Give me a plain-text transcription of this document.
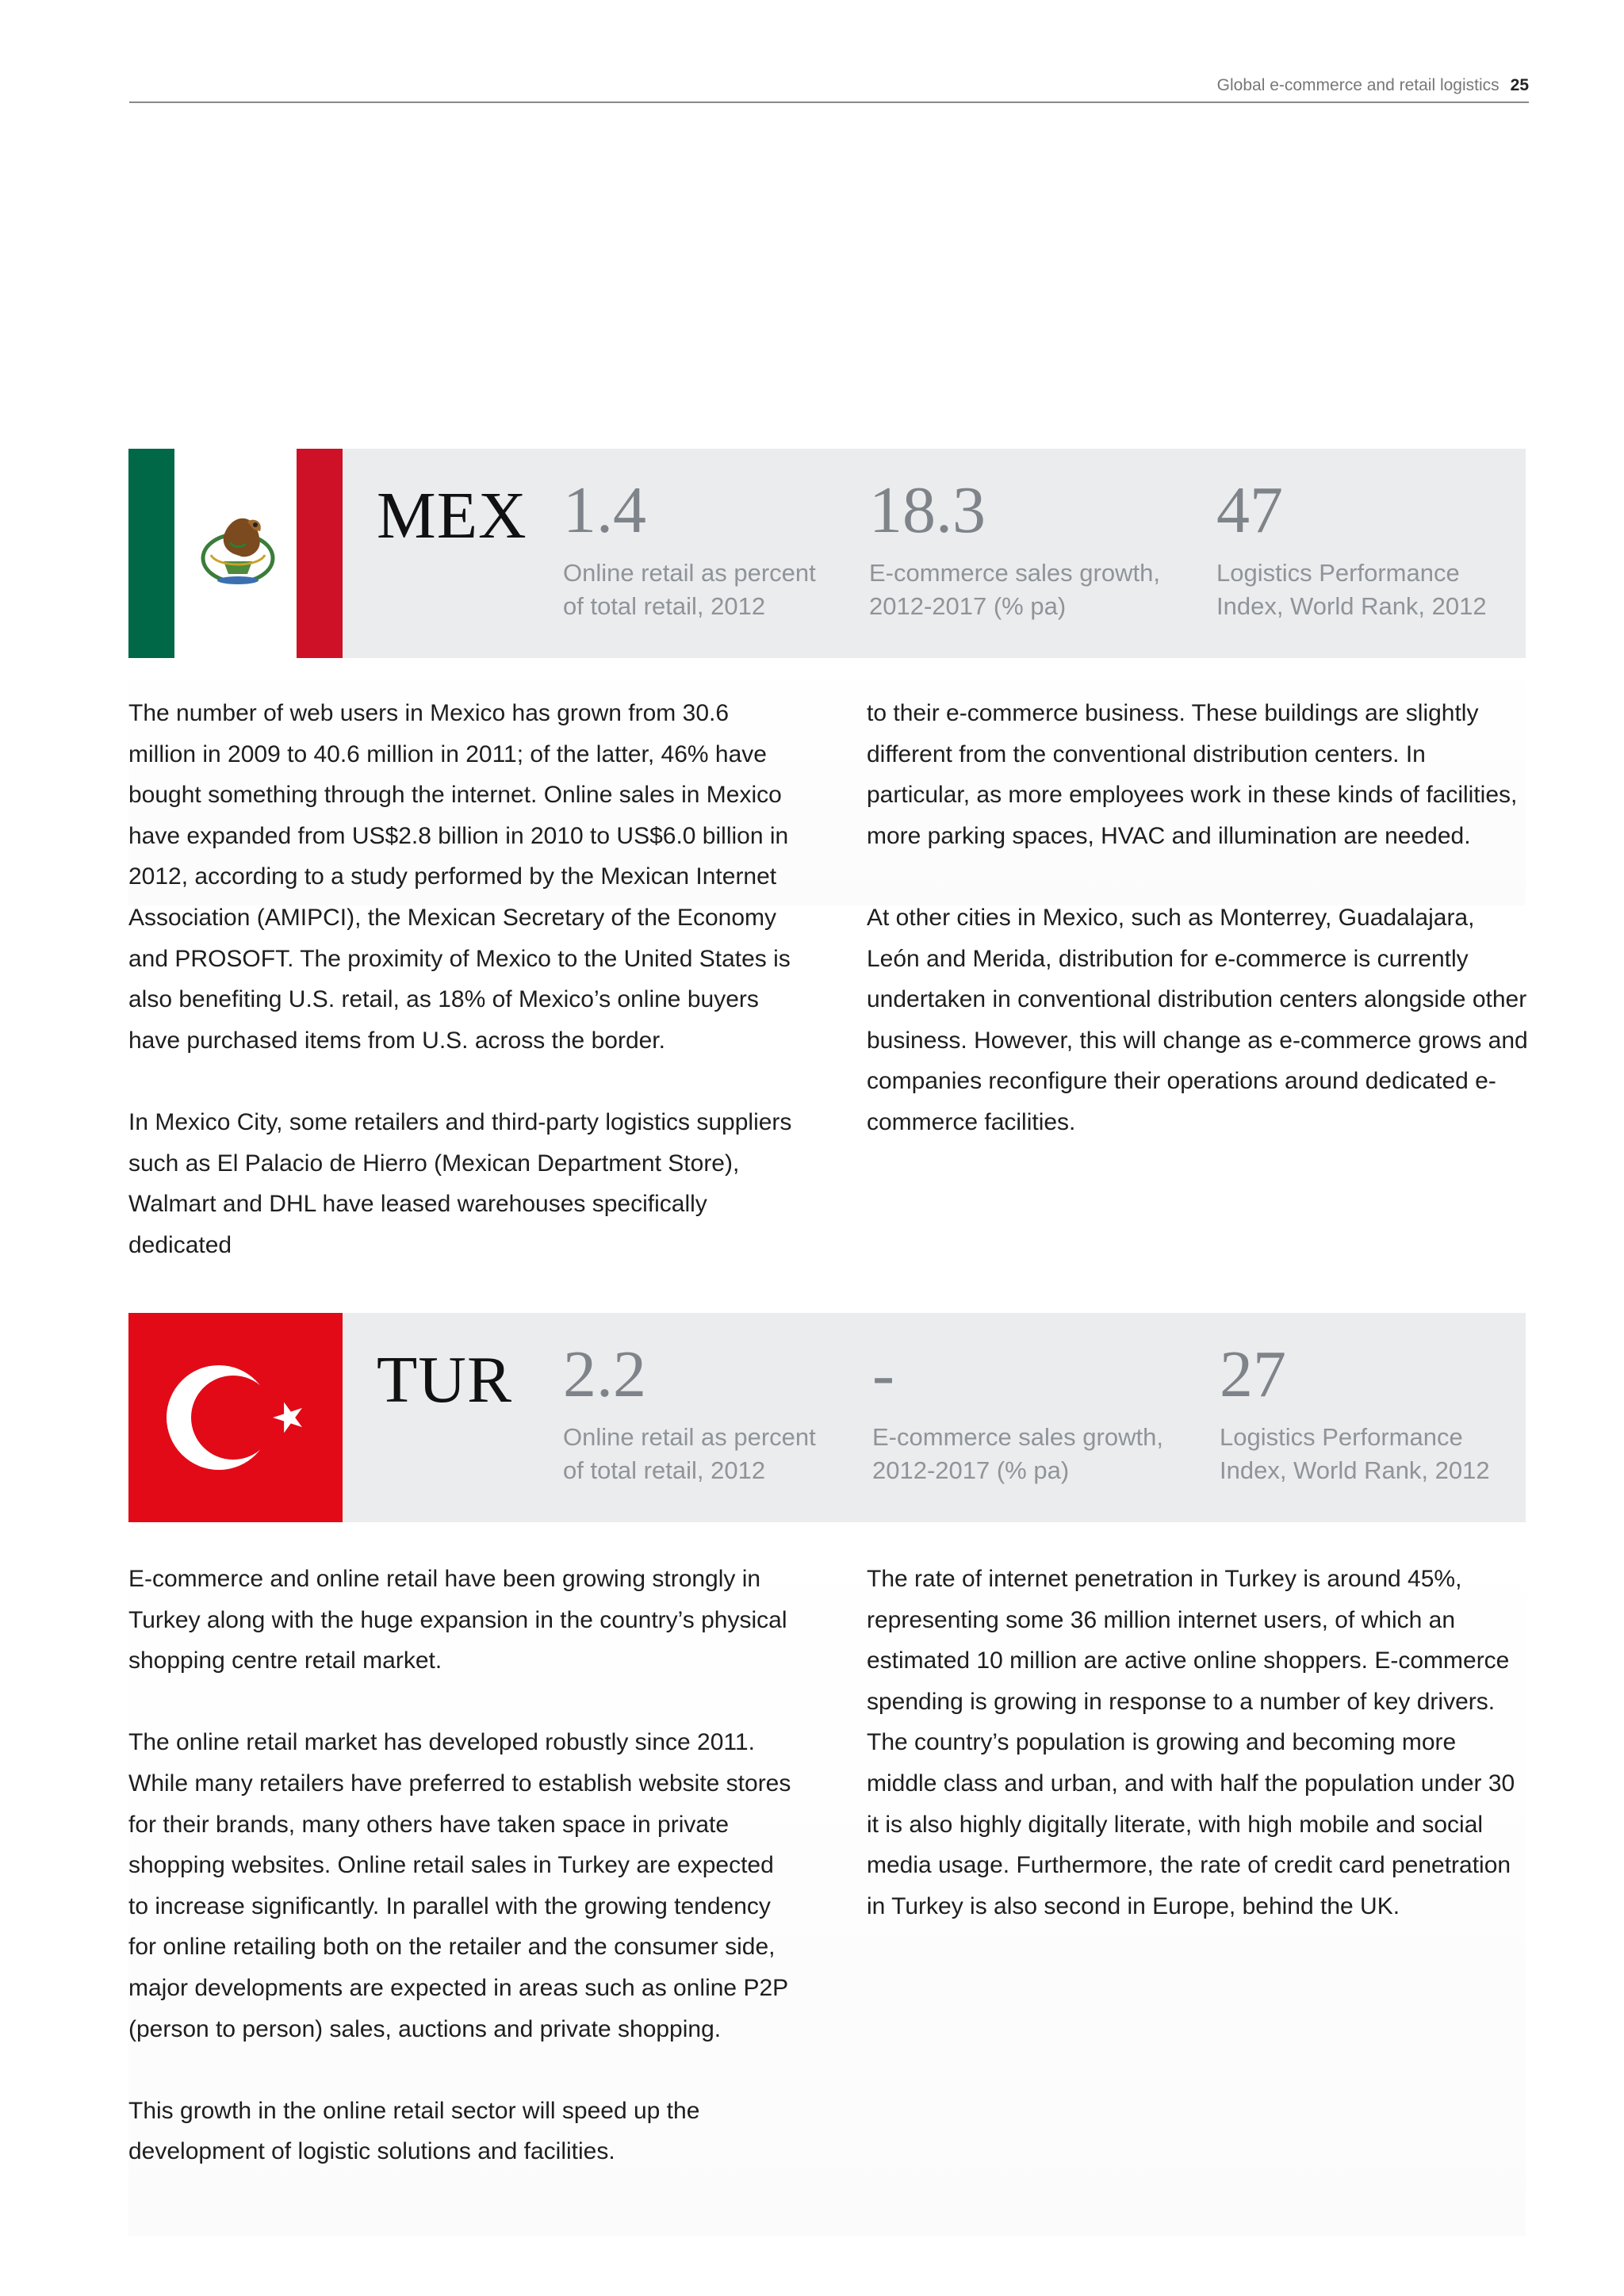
Global e-commerce and retail logistics 25
MEX 1.4
Online retail as percent
of total retail, 2012
18.3
E-commerce sales growth,
2012-2017 (% pa)
47
Logistics Performance
Index, World Rank, 2012

The number of web users in Mexico has grown from 30.6 million in 2009 to 40.6 million in 2011; of the latter, 46% have bought something through the internet. Online sales in Mexico have expanded from US$2.8 billion in 2010 to US$6.0 billion in 2012, according to a study performed by the Mexican Internet Association (AMIPCI), the Mexican Secretary of the Economy and PROSOFT. The proximity of Mexico to the United States is also benefiting U.S. retail, as 18% of Mexico’s online buyers have purchased items from U.S. across the border.

In Mexico City, some retailers and third-party logistics suppliers such as El Palacio de Hierro (Mexican Department Store), Walmart and DHL have leased warehouses specifically dedicated

to their e-commerce business. These buildings are slightly different from the conventional distribution centers. In particular, as more employees work in these kinds of facilities, more parking spaces, HVAC and illumination are needed.

At other cities in Mexico, such as Monterrey, Guadalajara, León and Merida, distribution for e-commerce is currently undertaken in conventional distribution centers alongside other business. However, this will change as e-commerce grows and companies reconfigure their operations around dedicated e-commerce facilities.

TUR 2.2
Online retail as percent
of total retail, 2012
-
E-commerce sales growth,
2012-2017 (% pa)
27
Logistics Performance
Index, World Rank, 2012

E-commerce and online retail have been growing strongly in Turkey along with the huge expansion in the country’s physical shopping centre retail market.

The online retail market has developed robustly since 2011. While many retailers have preferred to establish website stores for their brands, many others have taken space in private shopping websites. Online retail sales in Turkey are expected to increase significantly. In parallel with the growing tendency for online retailing both on the retailer and the consumer side, major developments are expected in areas such as online P2P (person to person) sales, auctions and private shopping.

This growth in the online retail sector will speed up the development of logistic solutions and facilities.

The rate of internet penetration in Turkey is around 45%, representing some 36 million internet users, of which an estimated 10 million are active online shoppers. E-commerce spending is growing in response to a number of key drivers. The country’s population is growing and becoming more middle class and urban, and with half the population under 30 it is also highly digitally literate, with high mobile and social media usage. Furthermore, the rate of credit card penetration in Turkey is also second in Europe, behind the UK.
